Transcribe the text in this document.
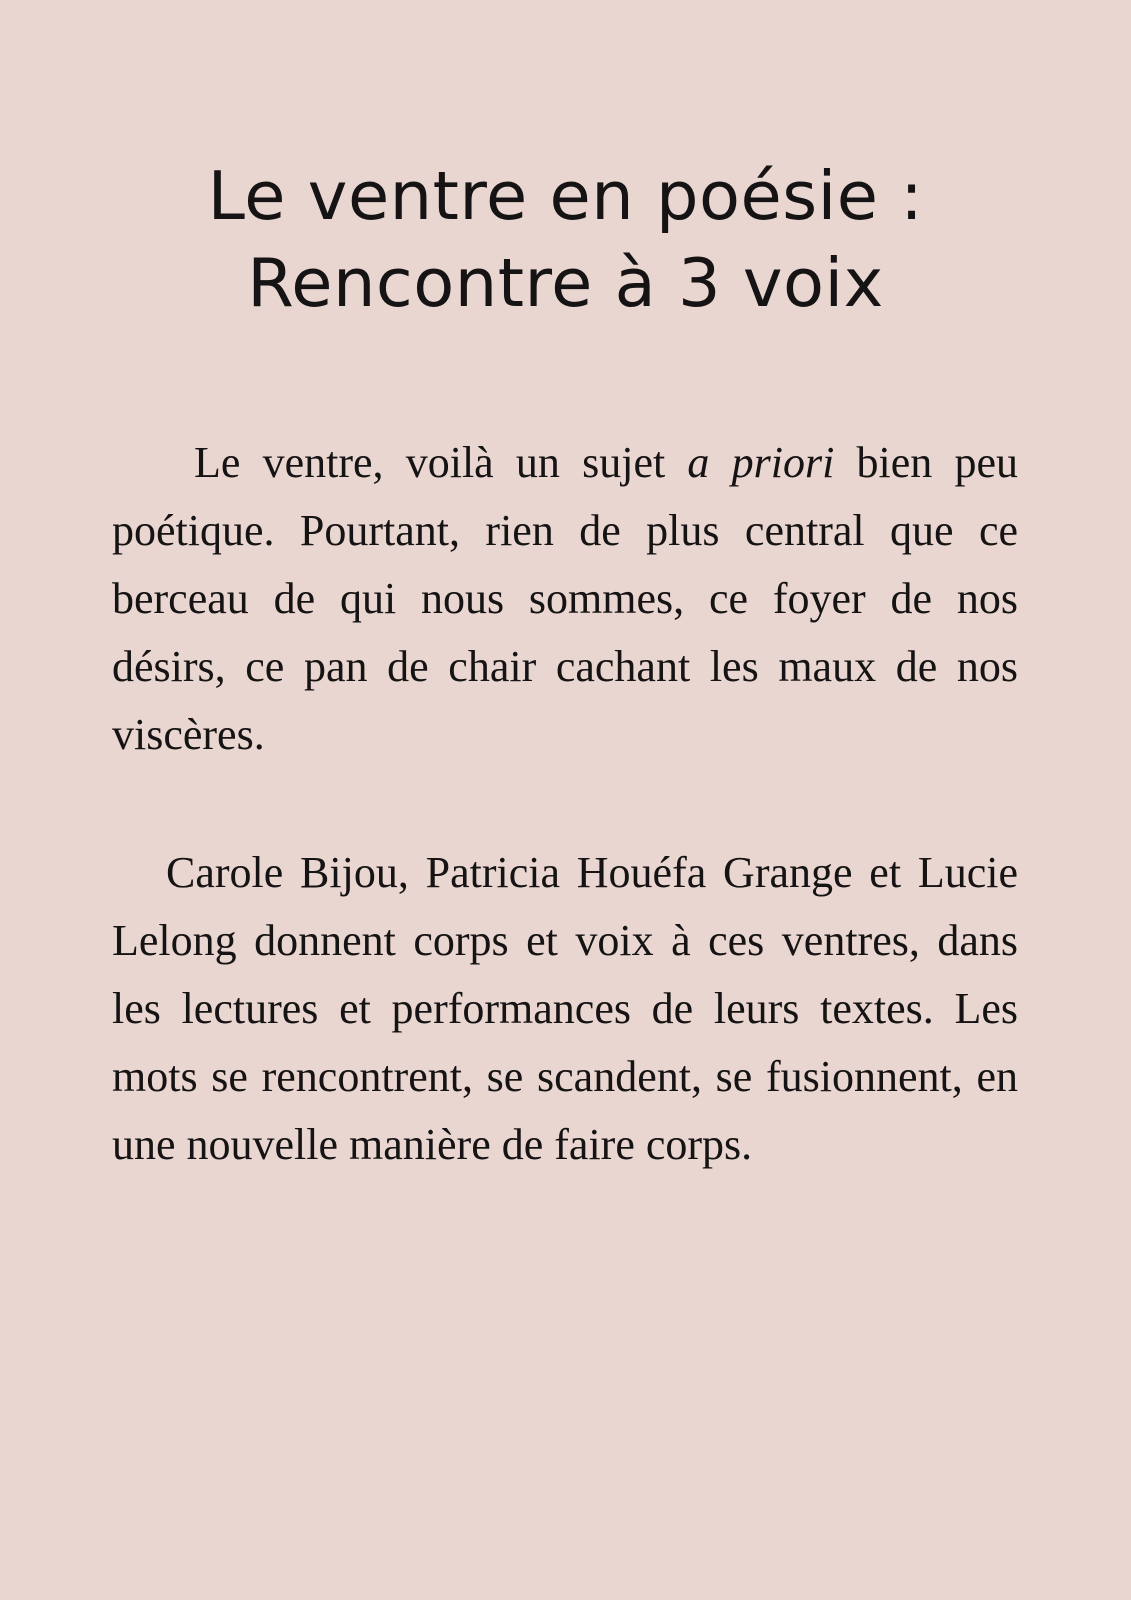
Le ventre en poésie :
Rencontre à 3 voix

Le ventre, voilà un sujet a priori bien peu poétique. Pourtant, rien de plus central que ce berceau de qui nous sommes, ce foyer de nos désirs, ce pan de chair cachant les maux de nos viscères.

Carole Bijou, Patricia Houéfa Grange et Lucie Lelong donnent corps et voix à ces ventres, dans les lectures et performances de leurs textes. Les mots se rencontrent, se scandent, se fusionnent, en une nouvelle manière de faire corps.
